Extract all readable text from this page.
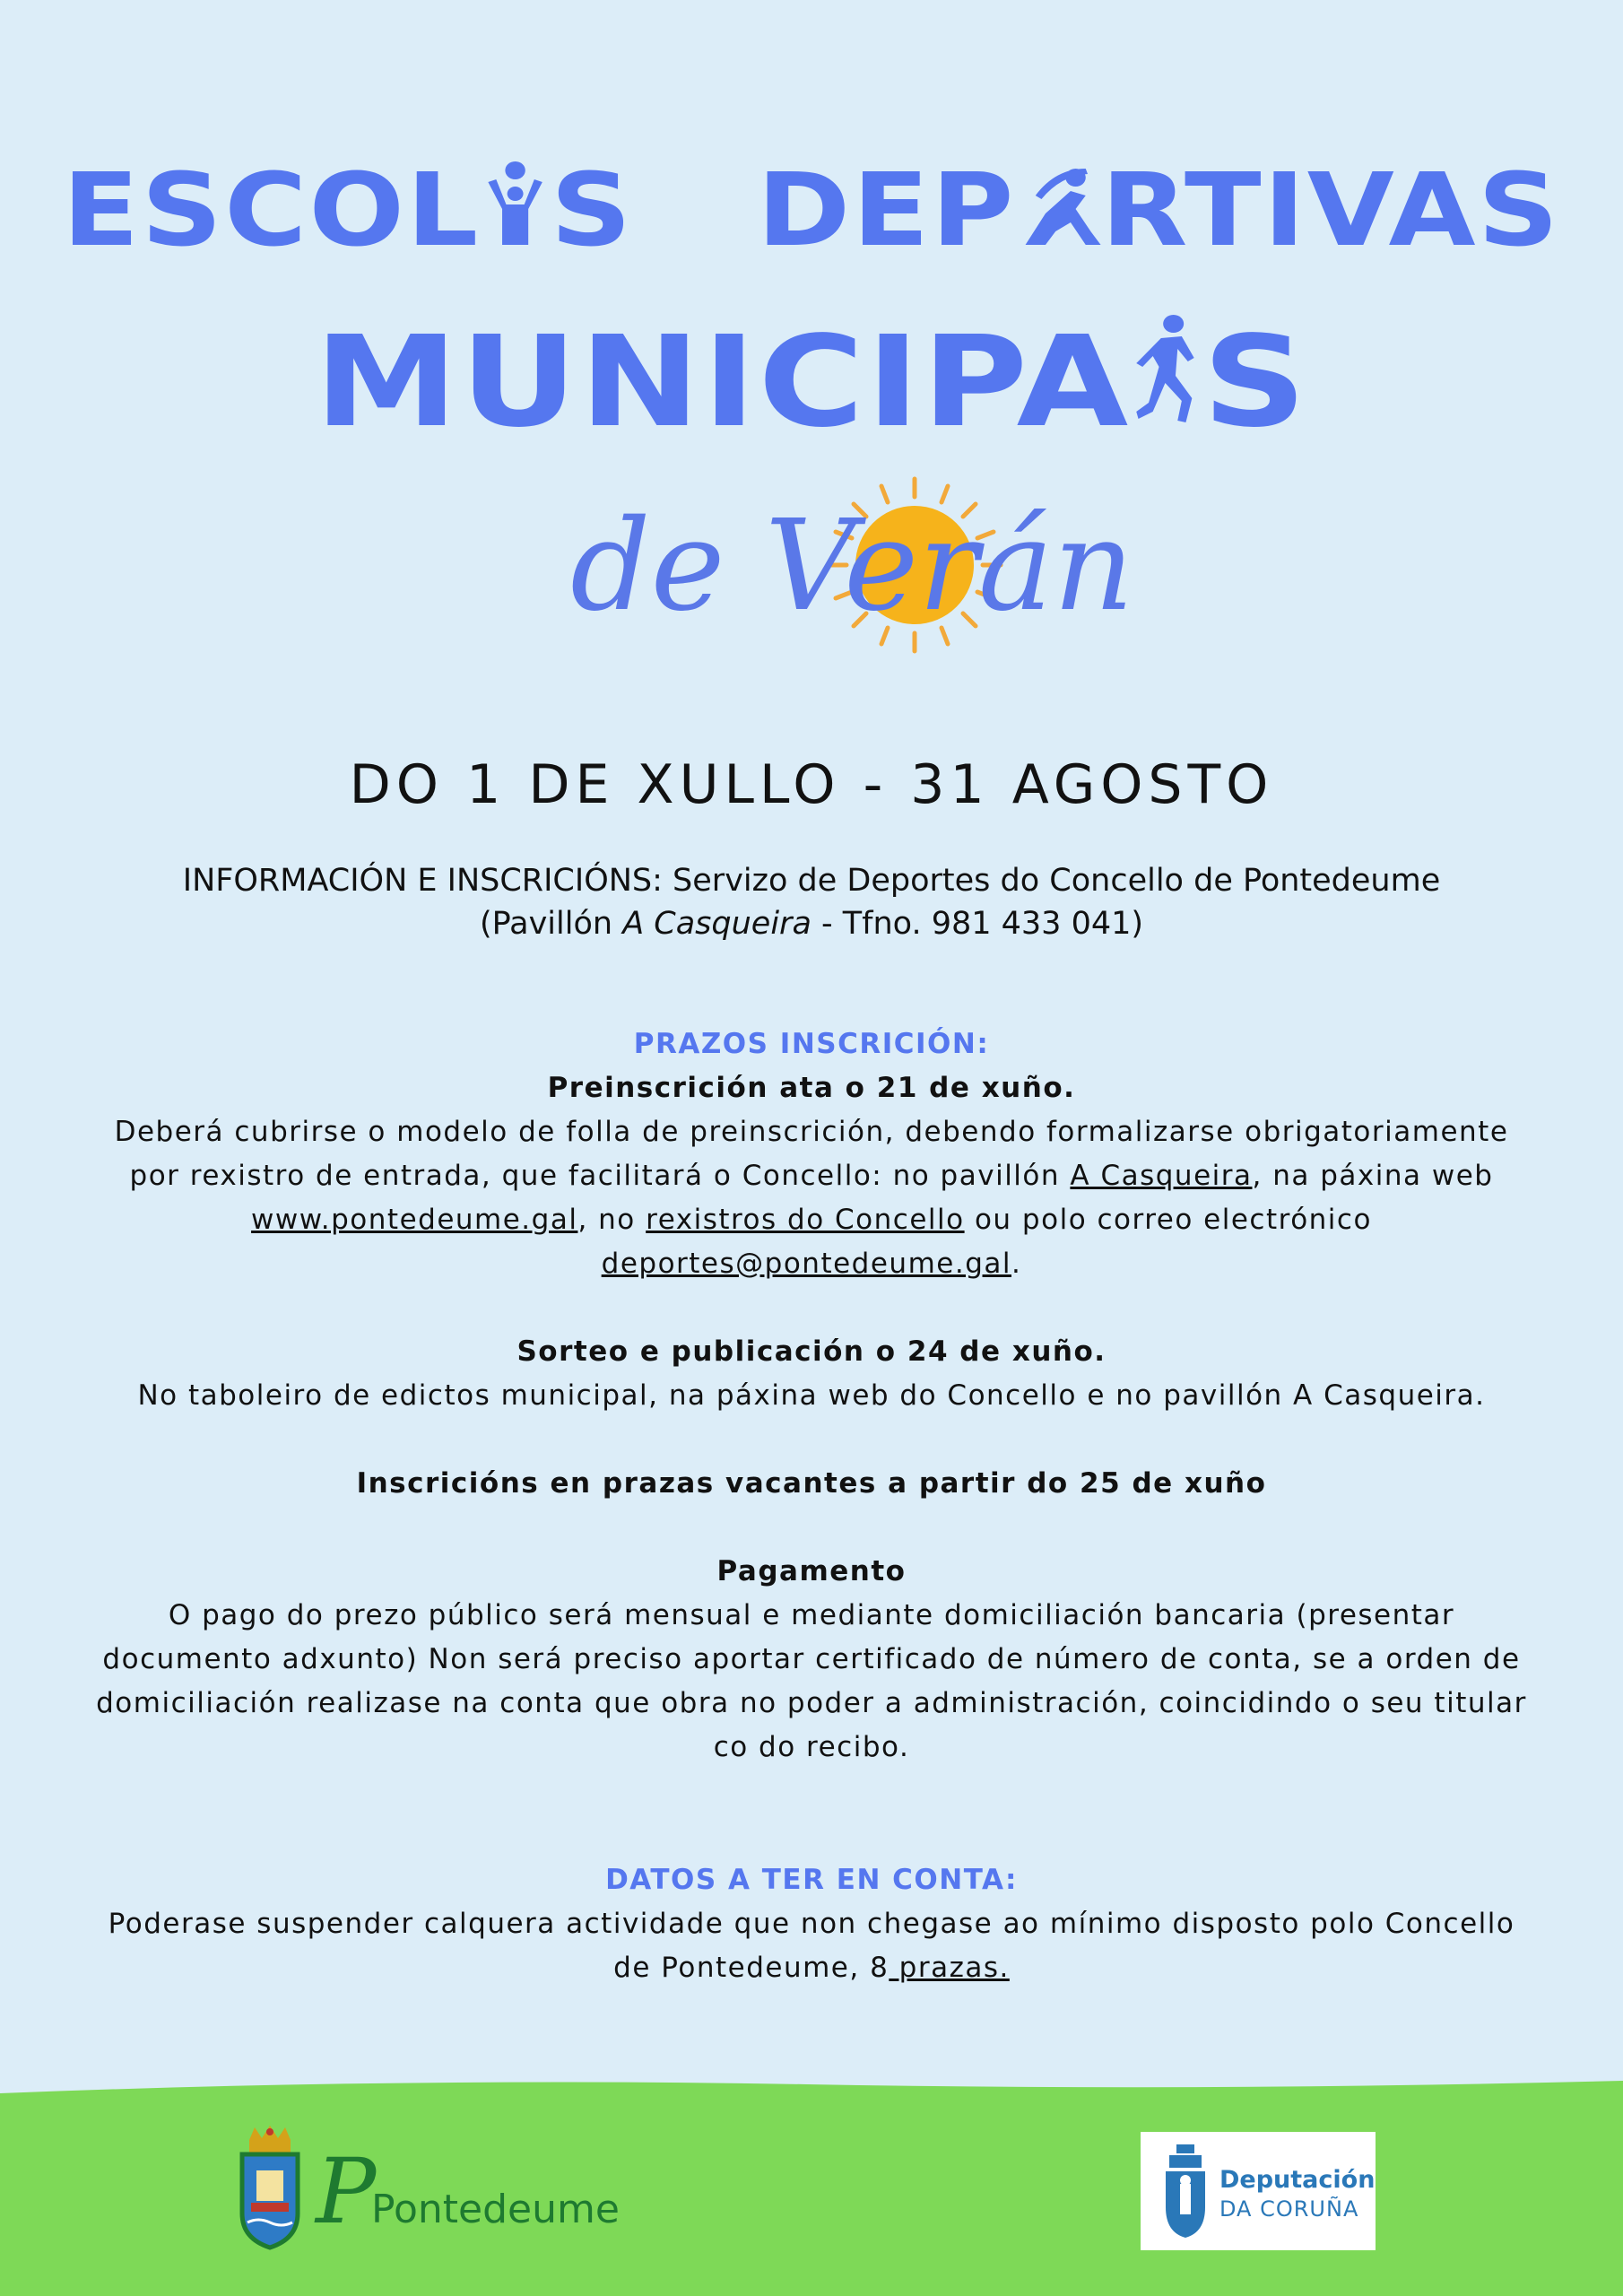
ESCOL S DEP RTIVAS
MUNICIPA S
de Verán
DO 1 DE XULLO - 31 AGOSTO
INFORMACIÓN E INSCRICIÓNS: Servizo de Deportes do Concello de Pontedeume
(Pavillón A Casqueira - Tfno. 981 433 041)
PRAZOS INSCRICIÓN:
Preinscrición ata o 21 de xuño.
Deberá cubrirse o modelo de folla de preinscrición, debendo formalizarse obrigatoriamente por rexistro de entrada, que facilitará o Concello: no pavillón A Casqueira, na páxina web www.pontedeume.gal, no rexistros do Concello ou polo correo electrónico deportes@pontedeume.gal.
Sorteo e publicación o 24 de xuño.
No taboleiro de edictos municipal, na páxina web do Concello e no pavillón A Casqueira.
Inscricións en prazas vacantes a partir do 25 de xuño
Pagamento
O pago do prezo público será mensual e mediante domiciliación bancaria (presentar documento adxunto) Non será preciso aportar certificado de número de conta, se a orden de domiciliación realizase na conta que obra no poder a administración, coincidindo o seu titular co do recibo.
DATOS A TER EN CONTA:
Poderase suspender calquera actividade que non chegase ao mínimo disposto polo Concello de Pontedeume, 8 prazas.
P
Pontedeume
Deputación
DA CORUÑA
